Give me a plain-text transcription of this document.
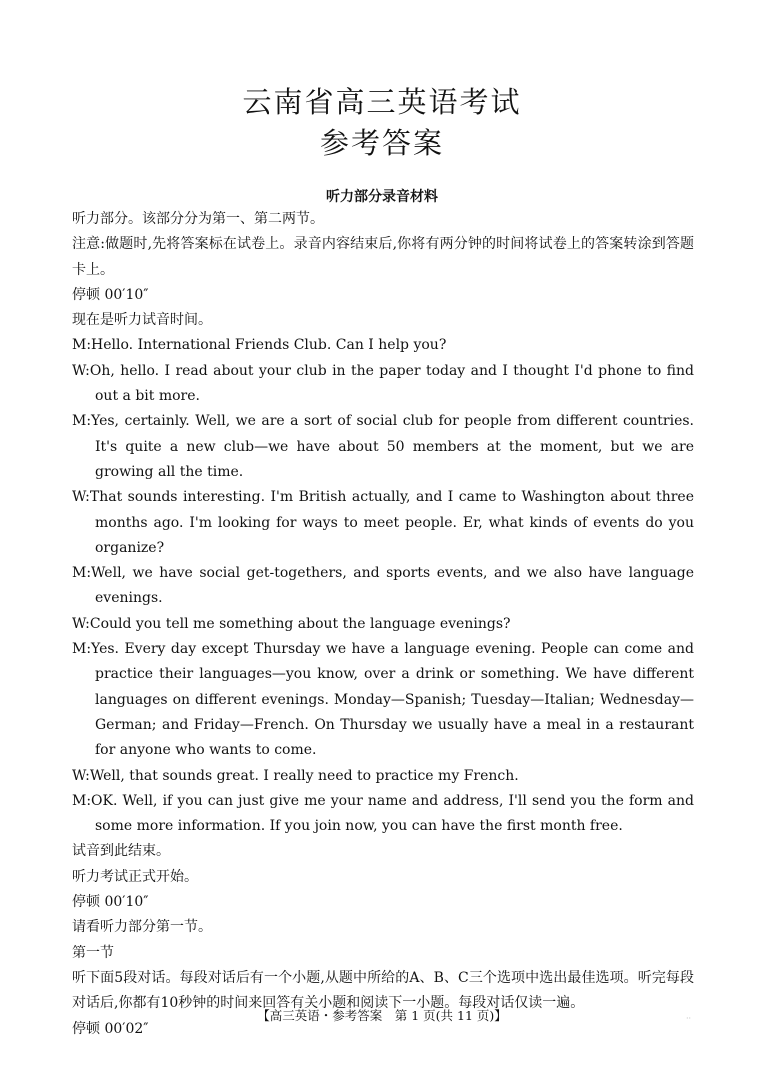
云南省高三英语考试
参考答案
听力部分录音材料

听力部分。该部分分为第一、第二两节。

注意:做题时,先将答案标在试卷上。录音内容结束后,你将有两分钟的时间将试卷上的答案转涂到答题卡上。

停顿 00′10″

现在是听力试音时间。

M:Hello. International Friends Club. Can I help you?

W:Oh, hello. I read about your club in the paper today and I thought I'd phone to find out a bit more.

M:Yes, certainly. Well, we are a sort of social club for people from different countries. It's quite a new club—we have about 50 members at the moment, but we are growing all the time.

W:That sounds interesting. I'm British actually, and I came to Washington about three months ago. I'm looking for ways to meet people. Er, what kinds of events do you organize?

M:Well, we have social get-togethers, and sports events, and we also have language evenings.

W:Could you tell me something about the language evenings?

M:Yes. Every day except Thursday we have a language evening. People can come and practice their languages—you know, over a drink or something. We have different languages on different evenings. Monday—Spanish; Tuesday—Italian; Wednesday—German; and Friday—French. On Thursday we usually have a meal in a restaurant for anyone who wants to come.

W:Well, that sounds great. I really need to practice my French.

M:OK. Well, if you can just give me your name and address, I'll send you the form and some more information. If you join now, you can have the first month free.

试音到此结束。

听力考试正式开始。

停顿 00′10″

请看听力部分第一节。

第一节

听下面5段对话。每段对话后有一个小题,从题中所给的A、B、C三个选项中选出最佳选项。听完每段对话后,你都有10秒钟的时间来回答有关小题和阅读下一小题。每段对话仅读一遍。

停顿 00′02″

【高三英语・参考答案　第 1 页(共 11 页)】	··
